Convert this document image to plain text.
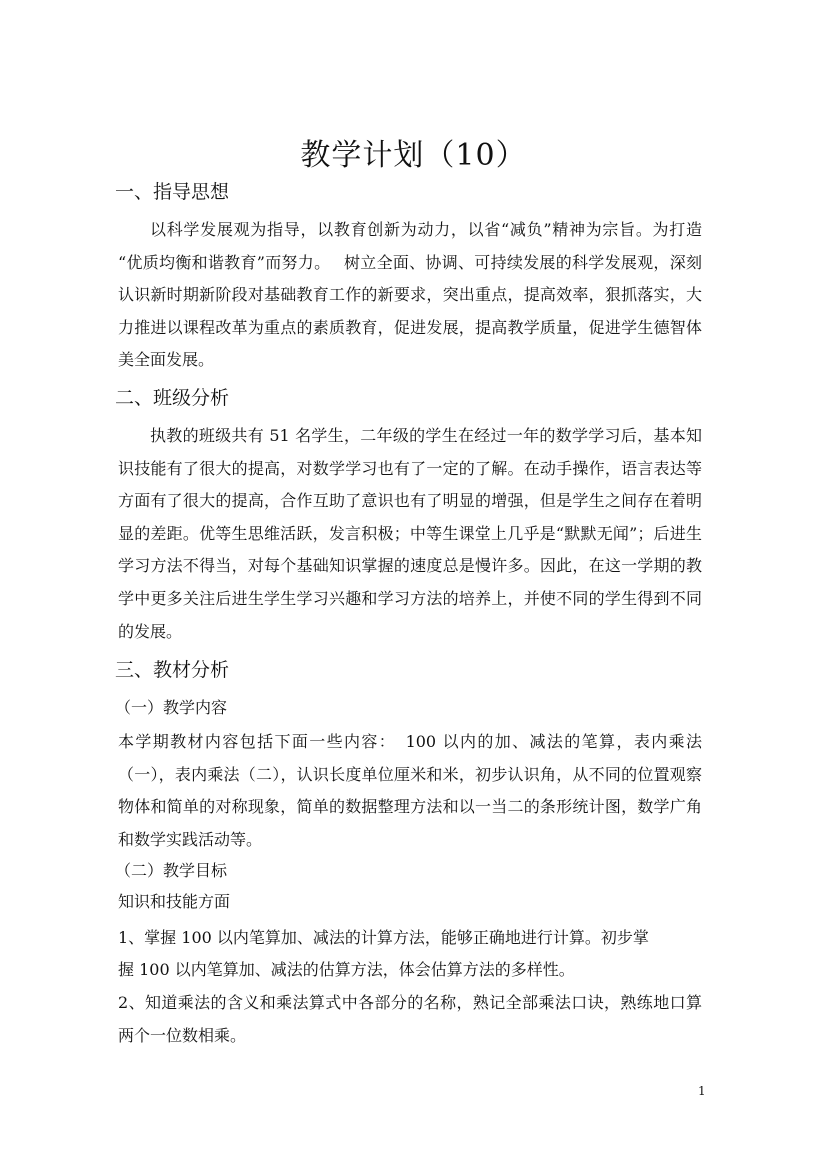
教学计划（10）
一、指导思想
以科学发展观为指导，以教育创新为动力，以省“减负”精神为宗旨。为打造 “优质均衡和谐教育”而努力。　 树立全面、协调、可持续发展的科学发展观，深刻认识新时期新阶段对基础教育工作的新要求，突出重点，提高效率，狠抓落实，大力推进以课程改革为重点的素质教育，促进发展，提高教学质量，促进学生德智体美全面发展。
二、班级分析
执教的班级共有 51 名学生，二年级的学生在经过一年的数学学习后，基本知识技能有了很大的提高，对数学学习也有了一定的了解。在动手操作，语言表达等方面有了很大的提高，合作互助了意识也有了明显的增强，但是学生之间存在着明显的差距。优等生思维活跃，发言积极；中等生课堂上几乎是“默默无闻”；后进生学习方法不得当，对每个基础知识掌握的速度总是慢许多。因此，在这一学期的教学中更多关注后进生学生学习兴趣和学习方法的培养上，并使不同的学生得到不同的发展。
三、教材分析
（一）教学内容
本学期教材内容包括下面一些内容：　100 以内的加、减法的笔算，表内乘法（一），表内乘法（二），认识长度单位厘米和米，初步认识角，从不同的位置观察物体和简单的对称现象，简单的数据整理方法和以一当二的条形统计图，数学广角和数学实践活动等。
（二）教学目标
知识和技能方面
1、掌握 100 以内笔算加、减法的计算方法，能够正确地进行计算。初步掌
握 100 以内笔算加、减法的估算方法，体会估算方法的多样性。
2、知道乘法的含义和乘法算式中各部分的名称，熟记全部乘法口诀，熟练地口算两个一位数相乘。
1
